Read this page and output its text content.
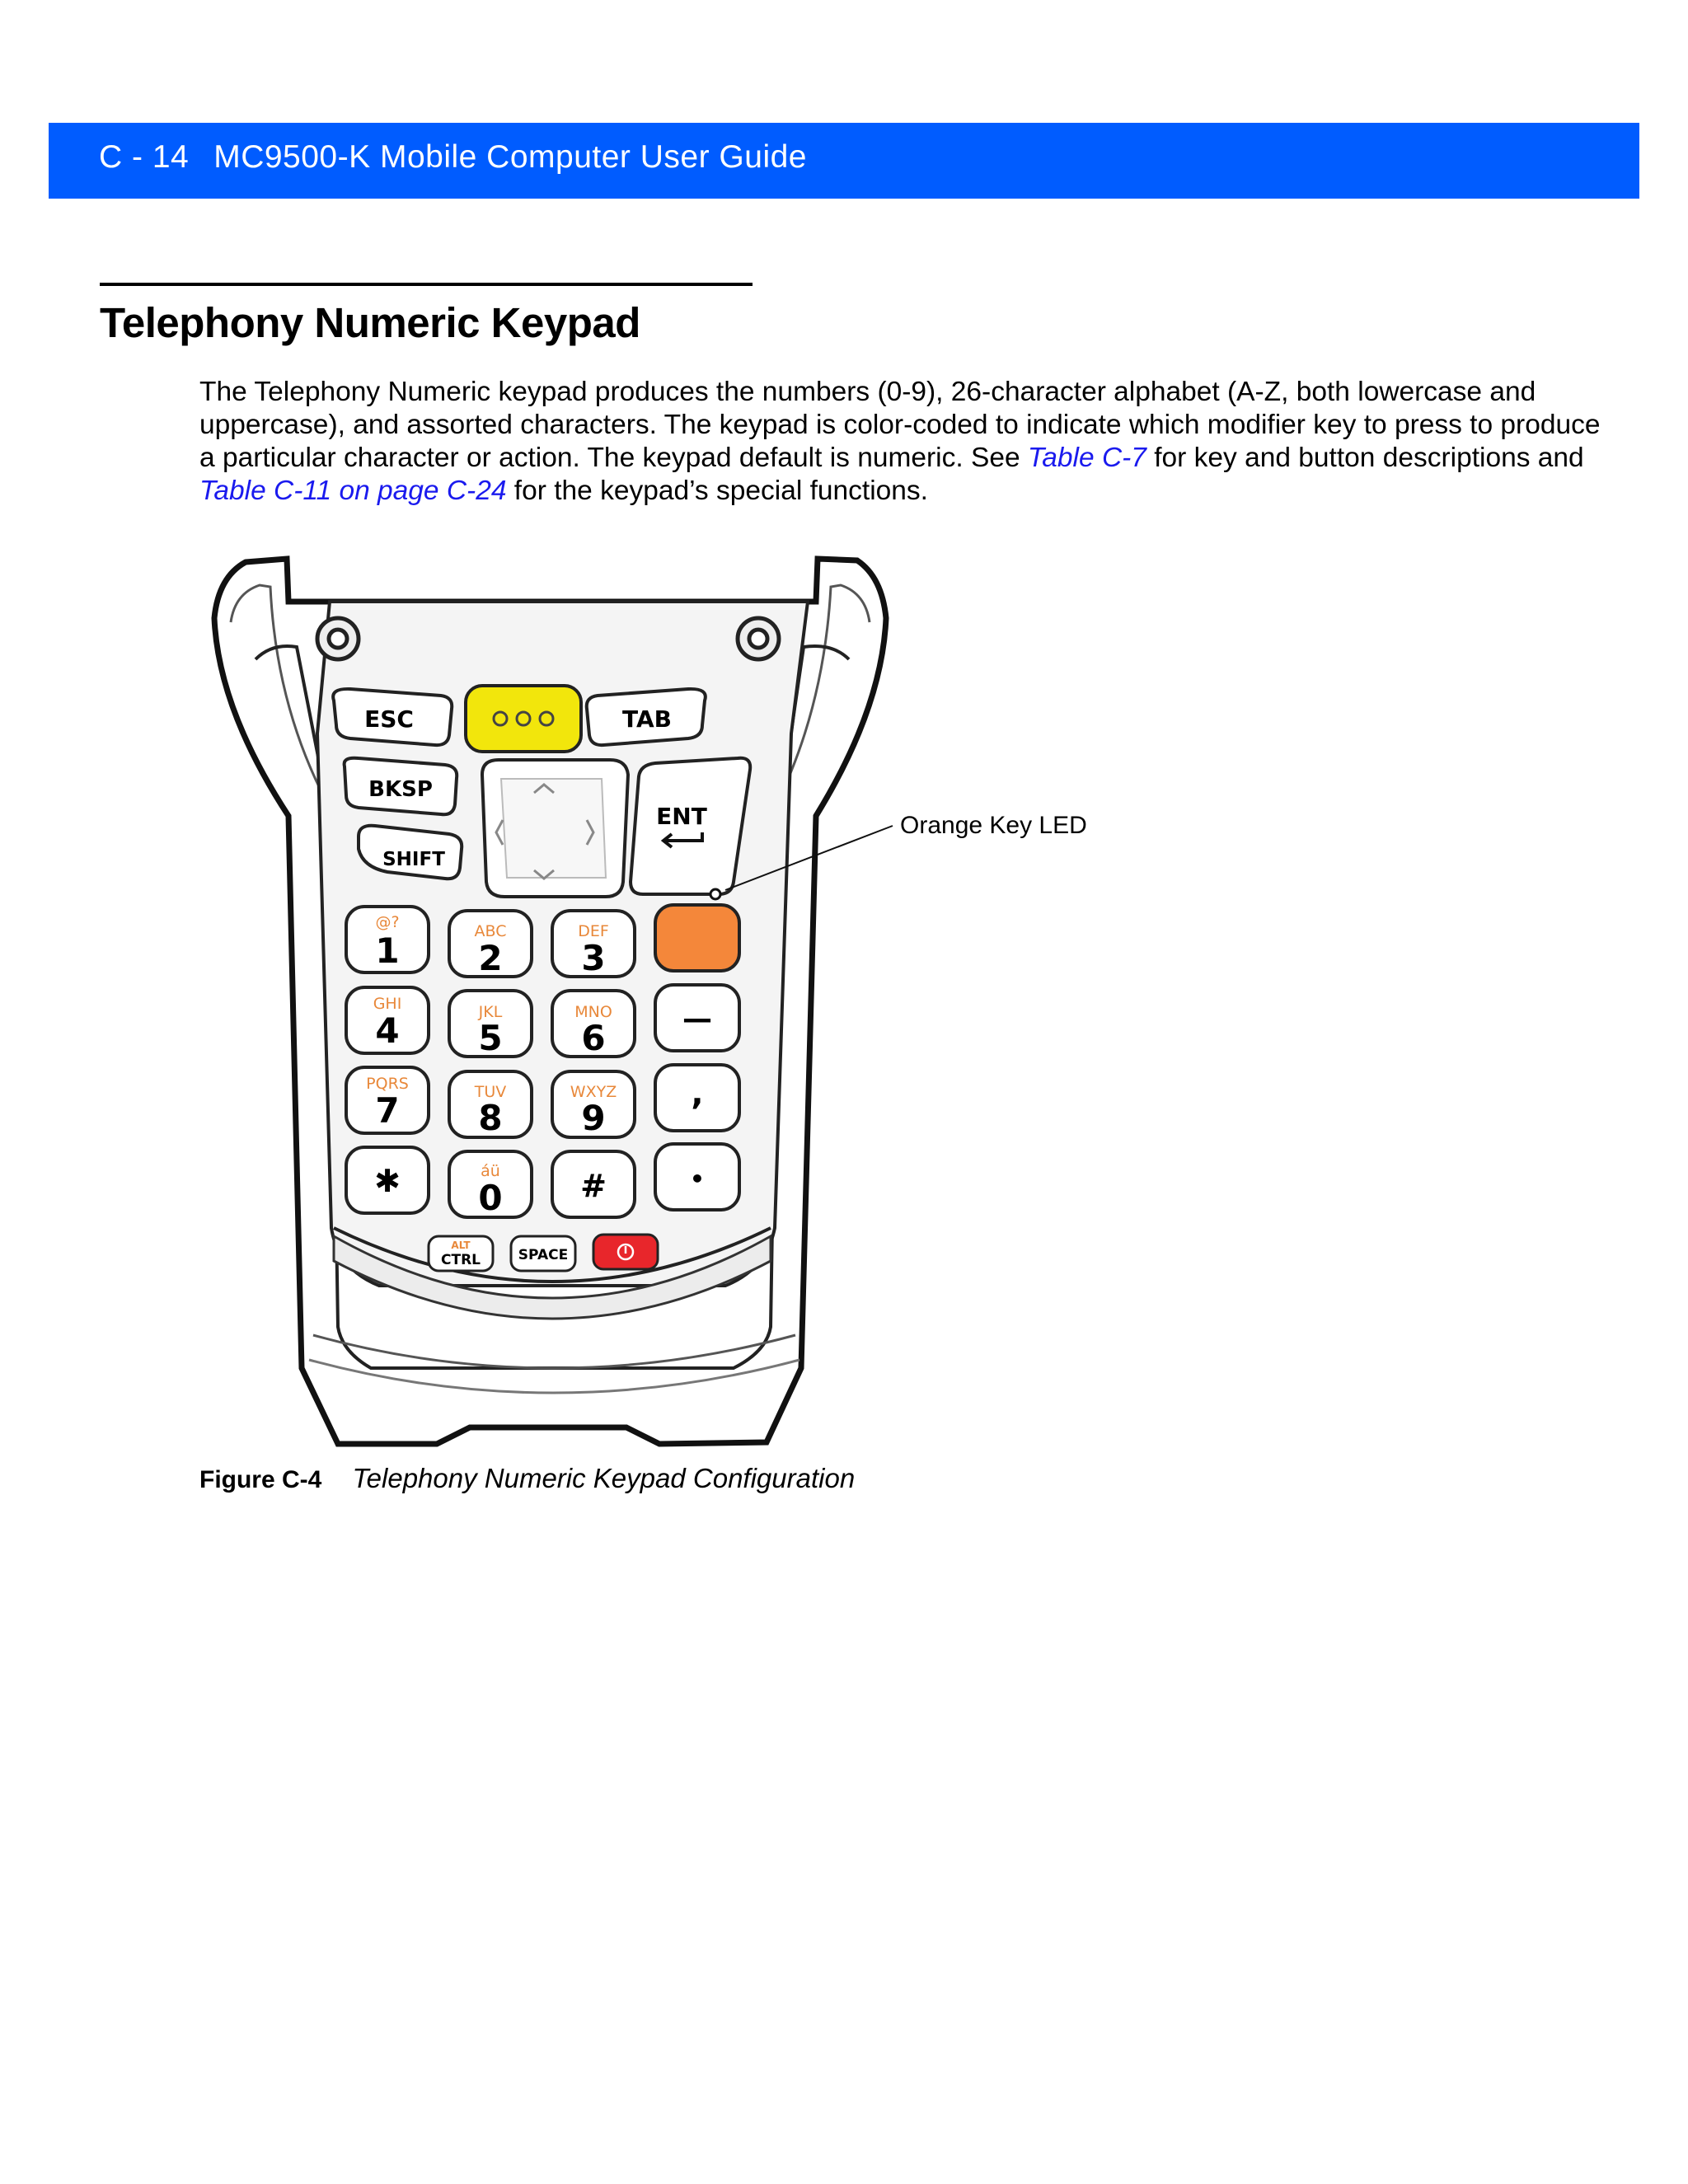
C - 14 MC9500-K Mobile Computer User Guide
Telephony Numeric Keypad
The Telephony Numeric keypad produces the numbers (0-9), 26-character alphabet (A-Z, both lowercase and uppercase), and assorted characters. The keypad is color-coded to indicate which modifier key to press to produce a particular character or action. The keypad default is numeric. See Table C-7 for key and button descriptions and Table C-11 on page C-24 for the keypad’s special functions.
ESC	TAB
BKSP
SHIFT
ENT
@?
1	ABC
2
DEF
3
GHI
4	JKL
5
MNO
6	—
PQRS
7	TUV
8
WXYZ
9
,
✱	áü
0 #	•
ALT
CTRL	SPACE
Orange Key LED
Figure C-4 Telephony Numeric Keypad Configuration
